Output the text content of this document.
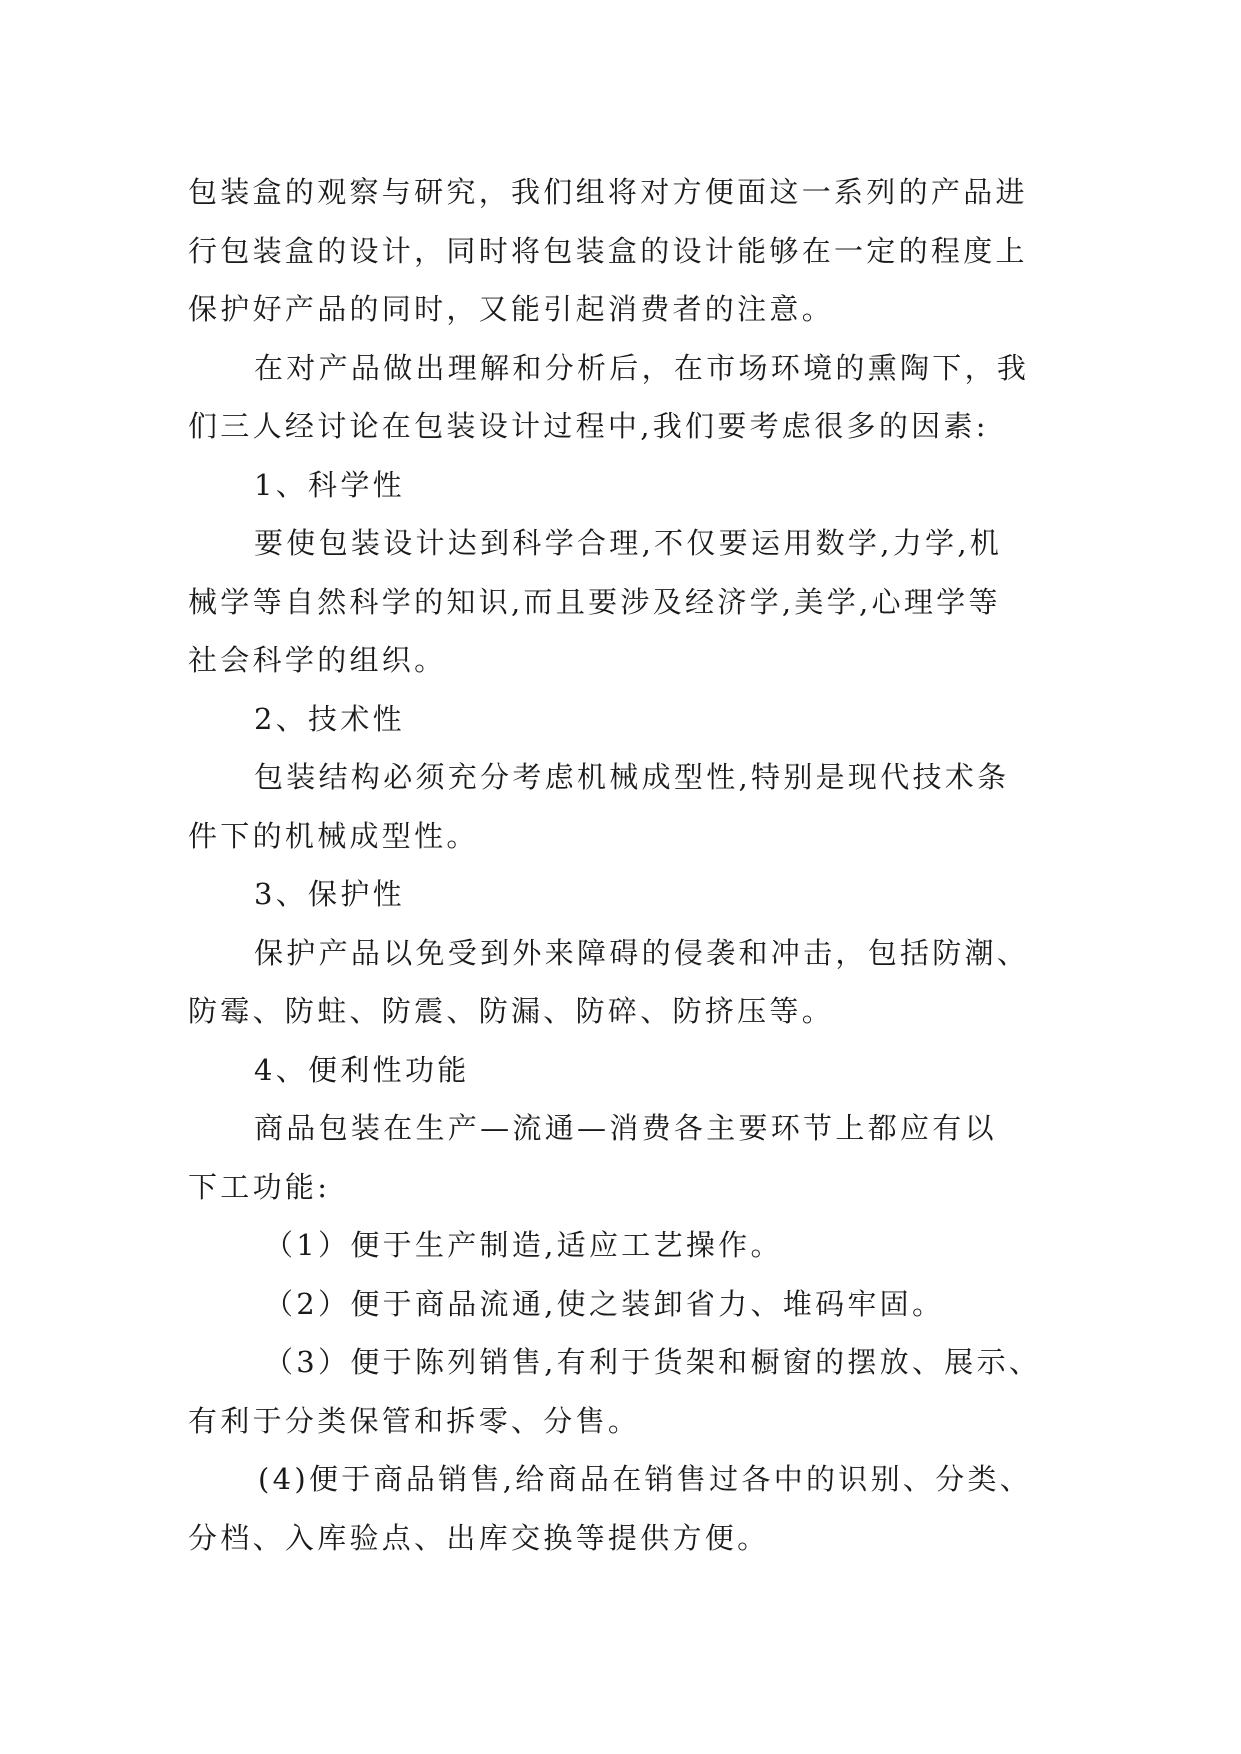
包装盒的观察与研究，我们组将对方便面这一系列的产品进
行包装盒的设计，同时将包装盒的设计能够在一定的程度上
保护好产品的同时，又能引起消费者的注意。
在对产品做出理解和分析后，在市场环境的熏陶下，我
们三人经讨论在包装设计过程中,我们要考虑很多的因素:
1、科学性
要使包装设计达到科学合理,不仅要运用数学,力学,机
械学等自然科学的知识,而且要涉及经济学,美学,心理学等
社会科学的组织。
2、技术性
包装结构必须充分考虑机械成型性,特别是现代技术条
件下的机械成型性。
3、保护性
保护产品以免受到外来障碍的侵袭和冲击，包括防潮、
防霉、防蛀、防震、防漏、防碎、防挤压等。
4、便利性功能
商品包装在生产—流通—消费各主要环节上都应有以
下工功能:
（1）便于生产制造,适应工艺操作。
（2）便于商品流通,使之装卸省力、堆码牢固。
（3）便于陈列销售,有利于货架和橱窗的摆放、展示、
有利于分类保管和拆零、分售。
(4)便于商品销售,给商品在销售过各中的识别、分类、
分档、入库验点、出库交换等提供方便。
